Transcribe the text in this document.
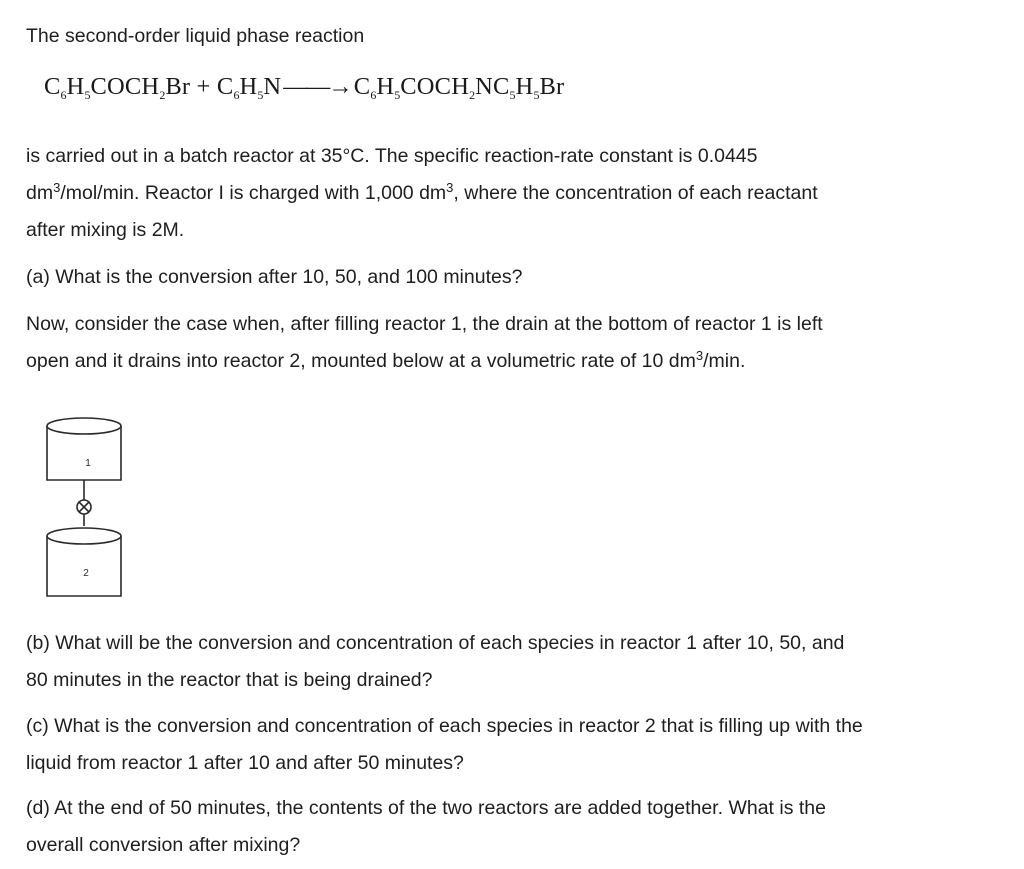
The second-order liquid phase reaction

$C_6H_5COCH_2Br$ + $C_6H_5N——\to$ $C_6H_5COCH_2NC_5H_5Br$

is carried out in a batch reactor at 35°C. The specific reaction-rate constant is 0.0445

$dm^3/mol/\min$. Reactor I is charged with 1,000 $dm^3$, where the concentration of each reactant

after mixing is 2M.

(a) What is the conversion after 10, 50, and 100 minutes?

Now, consider the case when, after filling reactor 1, the drain at the bottom of reactor 1 is left

open and it drains into reactor 2, mounted below at a volumetric rate of 10 $dm^3/\min$.

1
2

(b) What will be the conversion and concentration of each species in reactor 1 after 10, 50, and

80 minutes in the reactor that is being drained?

(c) What is the conversion and concentration of each species in reactor 2 that is filling up with the

liquid from reactor 1 after 10 and after 50 minutes?

(d) At the end of 50 minutes, the contents of the two reactors are added together. What is the

overall conversion after mixing?
